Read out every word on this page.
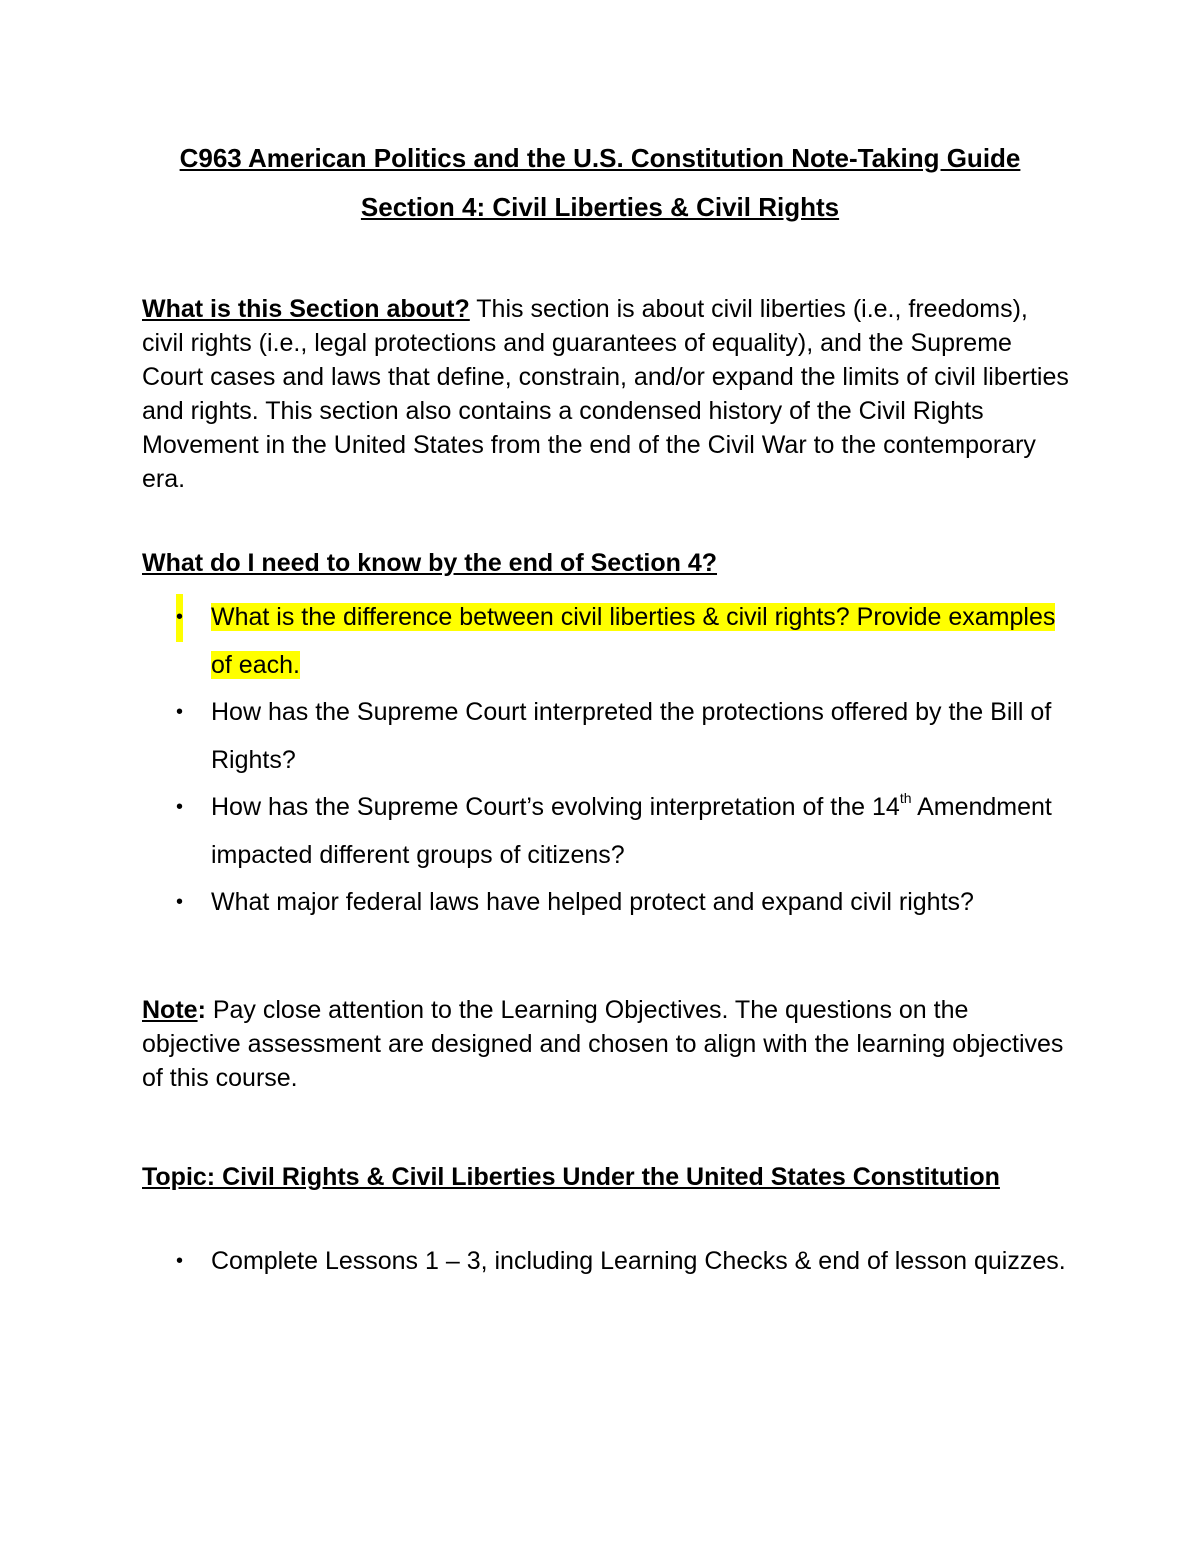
C963 American Politics and the U.S. Constitution Note-Taking Guide
Section 4: Civil Liberties & Civil Rights
What is this Section about? This section is about civil liberties (i.e., freedoms), civil rights (i.e., legal protections and guarantees of equality), and the Supreme Court cases and laws that define, constrain, and/or expand the limits of civil liberties and rights. This section also contains a condensed history of the Civil Rights Movement in the United States from the end of the Civil War to the contemporary era.
What do I need to know by the end of Section 4?
• What is the difference between civil liberties & civil rights? Provide examples of each.
• How has the Supreme Court interpreted the protections offered by the Bill of Rights?
• How has the Supreme Court’s evolving interpretation of the 14th Amendment impacted different groups of citizens?
• What major federal laws have helped protect and expand civil rights?
Note: Pay close attention to the Learning Objectives. The questions on the objective assessment are designed and chosen to align with the learning objectives of this course.
Topic: Civil Rights & Civil Liberties Under the United States Constitution
• Complete Lessons 1 – 3, including Learning Checks & end of lesson quizzes.
